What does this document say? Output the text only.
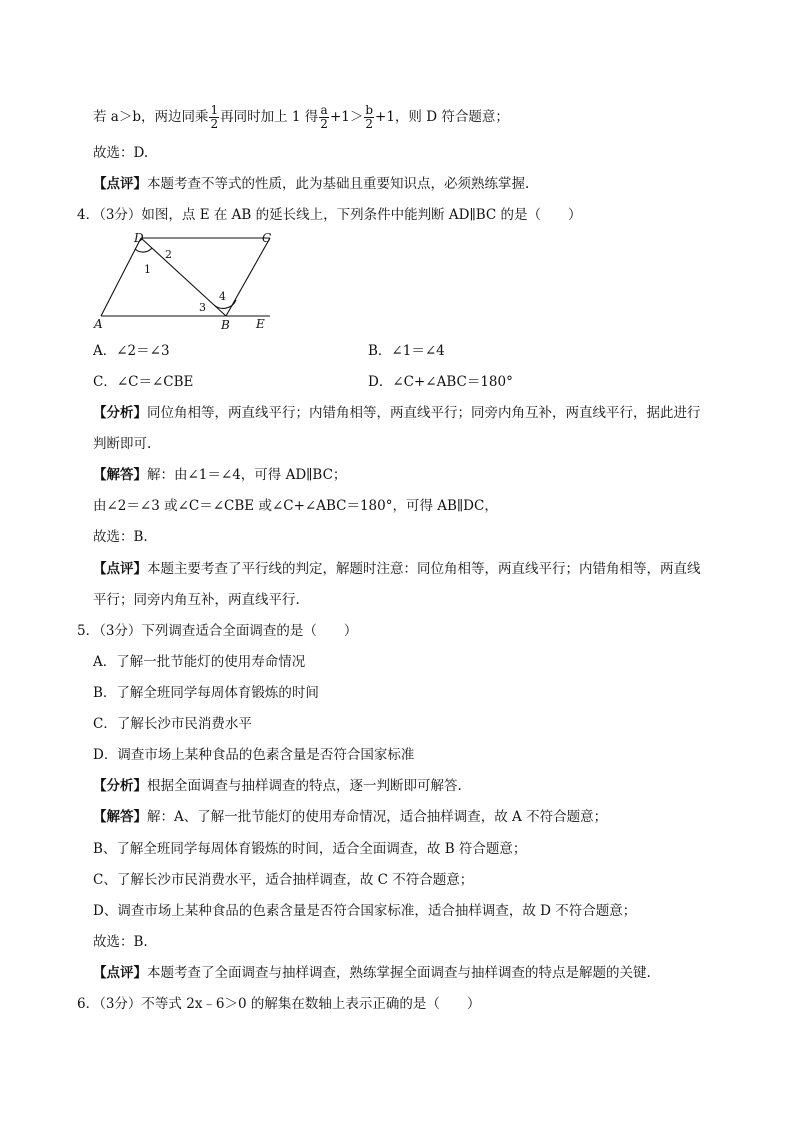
若 a＞b，两边同乘 $\frac{1}{2}$ 再同时加上 1 得 $\frac{a}{2} +1> \frac{b}{2} +1$，则 D 符合题意；
故选：D.
【点评】本题考查不等式的性质，此为基础且重要知识点，必须熟练掌握.
4．（3分）如图，点 E 在 AB 的延长线上，下列条件中能判断 AD∥BC 的是（　　）
D	C
A	B E
1
2
3
4
A．∠2＝∠3	B．∠1＝∠4
C．∠C＝∠CBE	D．∠C+∠ABC＝180°
【分析】同位角相等，两直线平行；内错角相等，两直线平行；同旁内角互补，两直线平行，据此进行
判断即可.
【解答】解：由∠1＝∠4，可得 AD∥BC；
由∠2＝∠3 或∠C＝∠CBE 或∠C+∠ABC＝180°，可得 AB∥DC，
故选：B.
【点评】本题主要考查了平行线的判定，解题时注意：同位角相等，两直线平行；内错角相等，两直线
平行；同旁内角互补，两直线平行.
5．（3分）下列调查适合全面调查的是（　　）
A．了解一批节能灯的使用寿命情况
B．了解全班同学每周体育锻炼的时间
C．了解长沙市民消费水平
D．调查市场上某种食品的色素含量是否符合国家标准
【分析】根据全面调查与抽样调查的特点，逐一判断即可解答.
【解答】解：A、了解一批节能灯的使用寿命情况，适合抽样调查，故 A 不符合题意；
B、了解全班同学每周体育锻炼的时间，适合全面调查，故 B 符合题意；
C、了解长沙市民消费水平，适合抽样调查，故 C 不符合题意；
D、调查市场上某种食品的色素含量是否符合国家标准，适合抽样调查，故 D 不符合题意；
故选：B.
【点评】本题考查了全面调查与抽样调查，熟练掌握全面调查与抽样调查的特点是解题的关键.
6．（3分）不等式 2x﹣6＞0 的解集在数轴上表示正确的是（　　）
